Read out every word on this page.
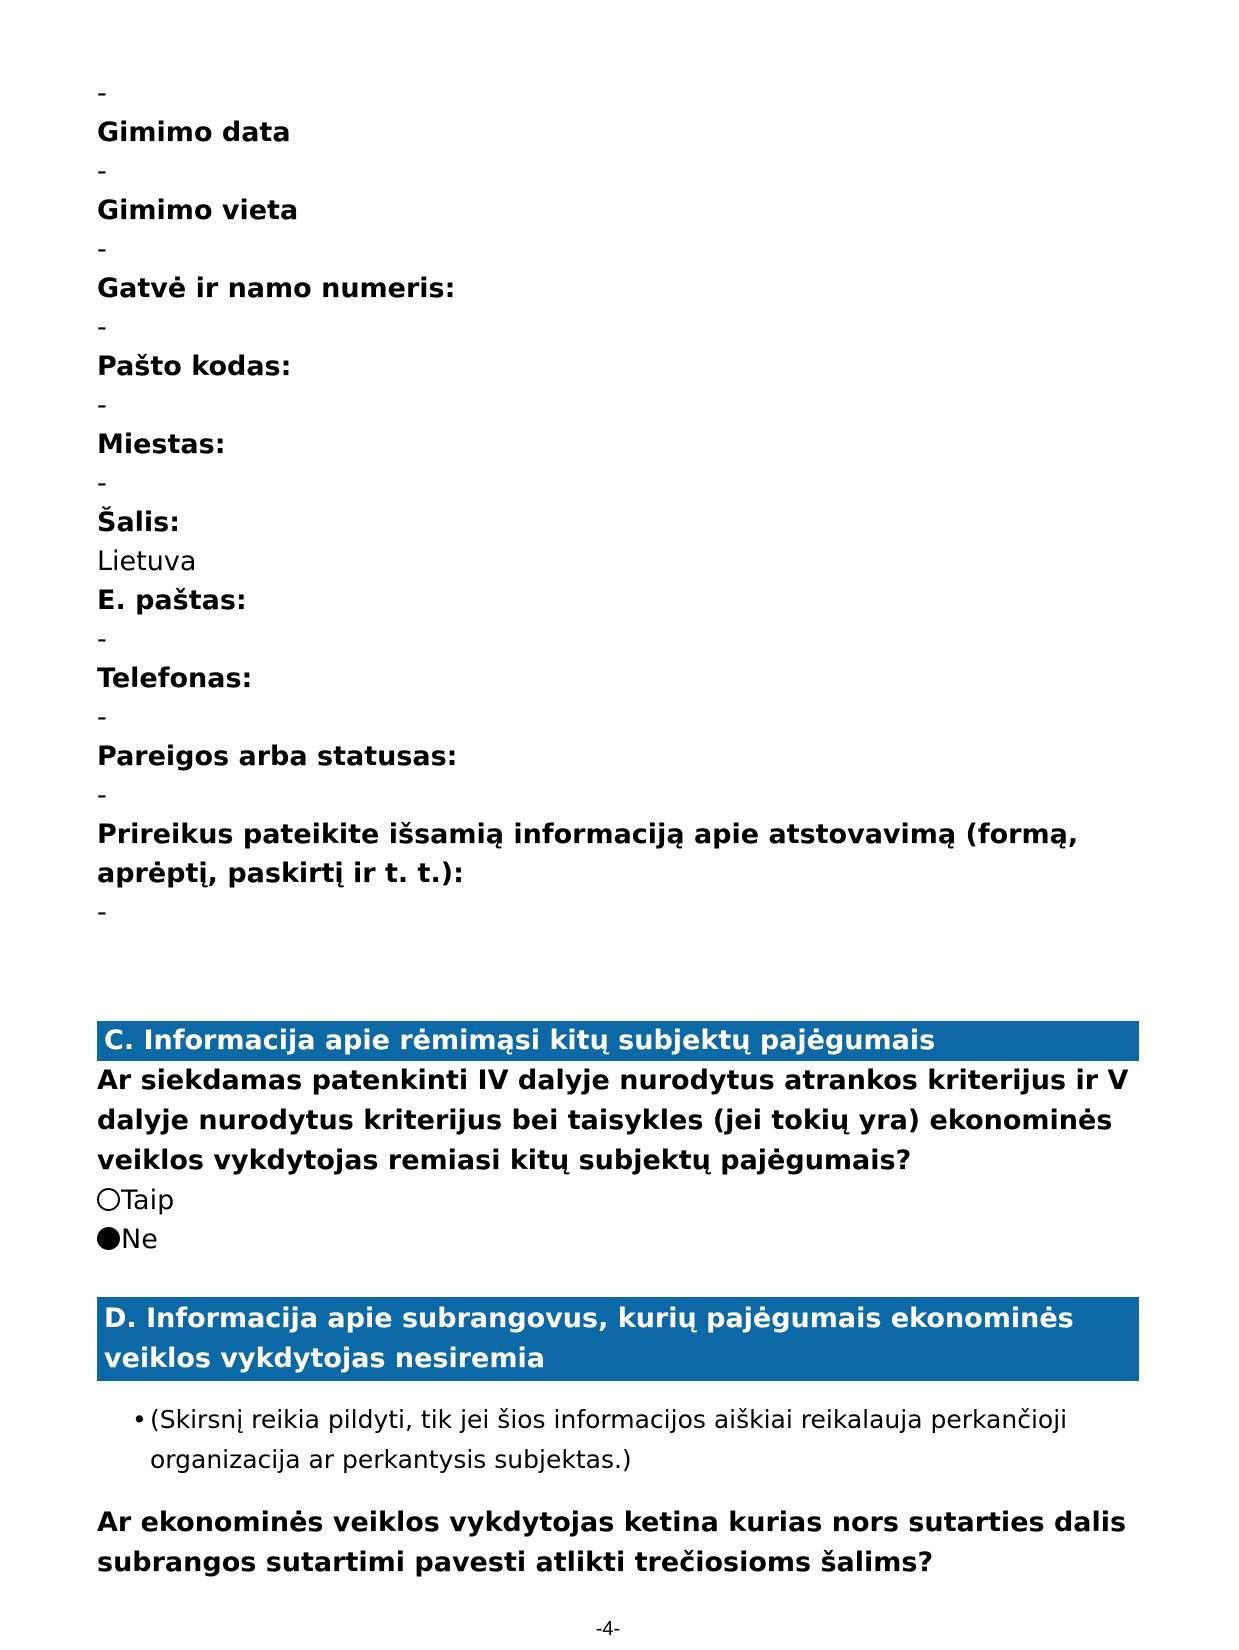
-
Gimimo data
-
Gimimo vieta
-
Gatvė ir namo numeris:
-
Pašto kodas:
-
Miestas:
-
Šalis:
Lietuva
E. paštas:
-
Telefonas:
-
Pareigos arba statusas:
-
Prireikus pateikite išsamią informaciją apie atstovavimą (formą, aprėptį, paskirtį ir t. t.):
-
C. Informacija apie rėmimąsi kitų subjektų pajėgumais
Ar siekdamas patenkinti IV dalyje nurodytus atrankos kriterijus ir V dalyje nurodytus kriterijus bei taisykles (jei tokių yra) ekonominės veiklos vykdytojas remiasi kitų subjektų pajėgumais?
Taip
Ne
D. Informacija apie subrangovus, kurių pajėgumais ekonominės veiklos vykdytojas nesiremia
• (Skirsnį reikia pildyti, tik jei šios informacijos aiškiai reikalauja perkančioji organizacija ar perkantysis subjektas.)
Ar ekonominės veiklos vykdytojas ketina kurias nors sutarties dalis subrangos sutartimi pavesti atlikti trečiosioms šalims?
-4-
